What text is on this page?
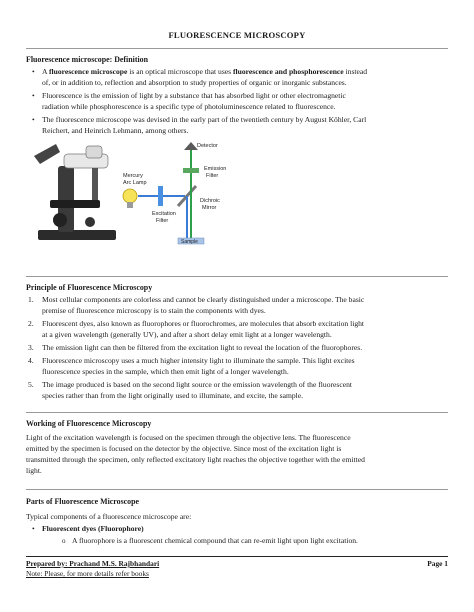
FLUORESCENCE MICROSCOPY
Fluorescence microscope: Definition
• A fluorescence microscope is an optical microscope that uses fluorescence and phosphorescence instead
of, or in addition to, reflection and absorption to study properties of organic or inorganic substances.
• Fluorescence is the emission of light by a substance that has absorbed light or other electromagnetic
radiation while phosphorescence is a specific type of photoluminescence related to fluorescence.
• The fluorescence microscope was devised in the early part of the twentieth century by August Köhler, Carl
Reichert, and Heinrich Lehmann, among others.
Mercury
Arc Lamp
Excitation
Filter
Dichroic
Mirror
Emission
Filter
Detector
Sample
Principle of Fluorescence Microscopy
1. Most cellular components are colorless and cannot be clearly distinguished under a microscope. The basic
premise of fluorescence microscopy is to stain the components with dyes.
2. Fluorescent dyes, also known as fluorophores or fluorochromes, are molecules that absorb excitation light
at a given wavelength (generally UV), and after a short delay emit light at a longer wavelength.
3. The emission light can then be filtered from the excitation light to reveal the location of the fluorophores.
4. Fluorescence microscopy uses a much higher intensity light to illuminate the sample. This light excites
fluorescence species in the sample, which then emit light of a longer wavelength.
5. The image produced is based on the second light source or the emission wavelength of the fluorescent
species rather than from the light originally used to illuminate, and excite, the sample.
Working of Fluorescence Microscopy
Light of the excitation wavelength is focused on the specimen through the objective lens. The fluorescence
emitted by the specimen is focused on the detector by the objective. Since most of the excitation light is
transmitted through the specimen, only reflected excitatory light reaches the objective together with the emitted
light.
Parts of Fluorescence Microscope
Typical components of a fluorescence microscope are:
• Fluorescent dyes (Fluorophore)
o A fluorophore is a fluorescent chemical compound that can re-emit light upon light excitation.
Prepared by: Prachand M.S. Rajbhandari	Page 1
Note: Please, for more details refer books
